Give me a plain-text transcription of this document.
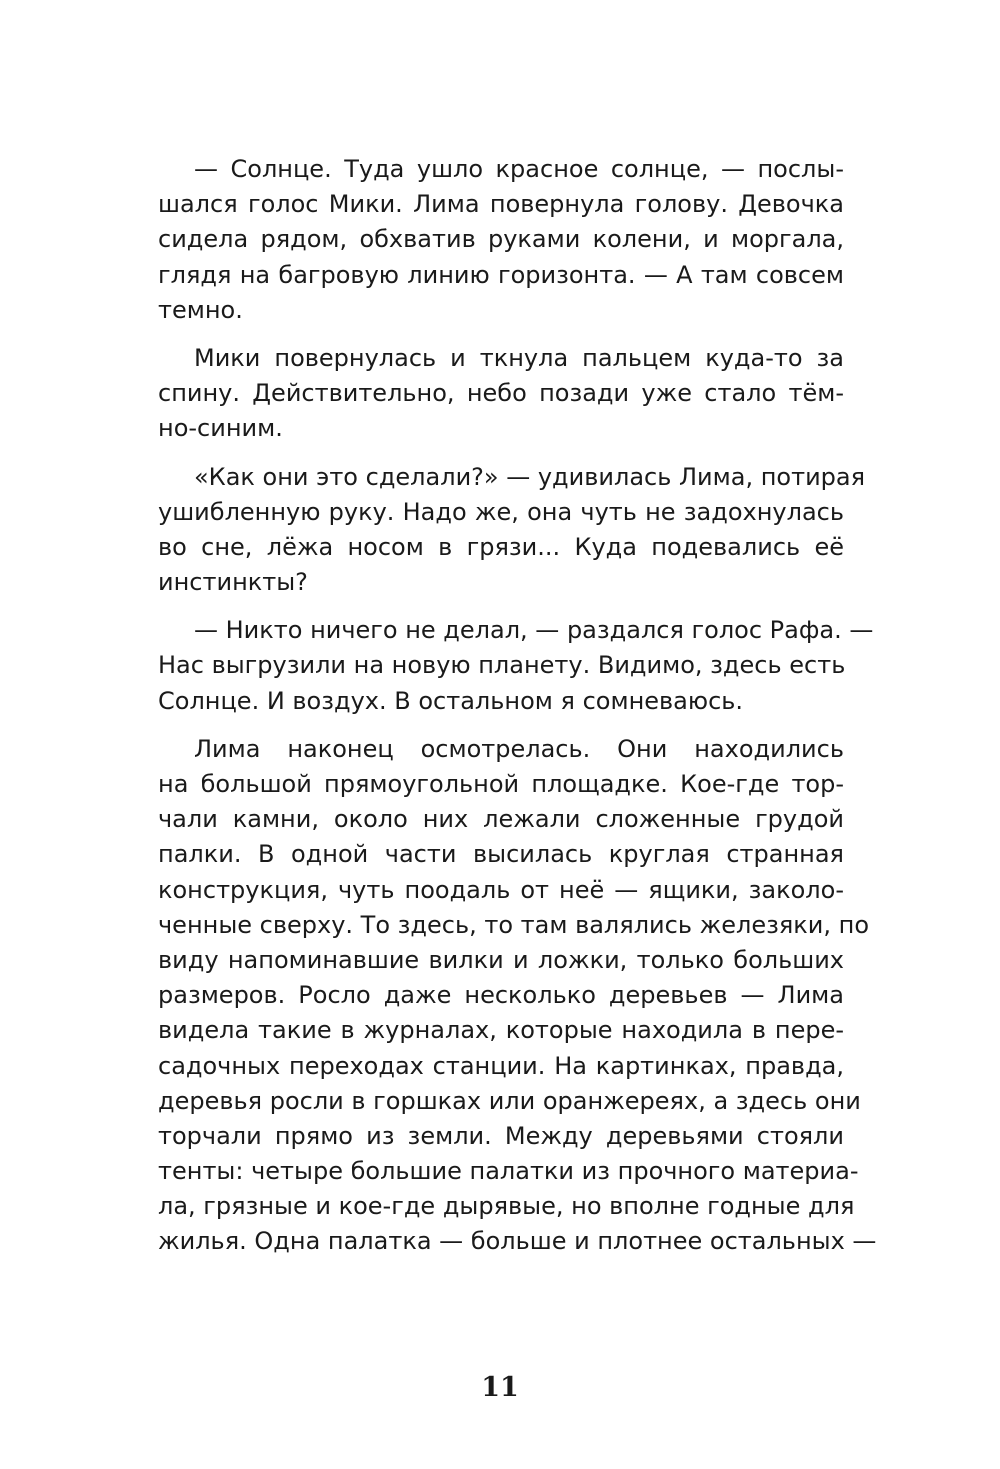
— Солнце. Туда ушло красное солнце, — послы-
шался голос Мики. Лима повернула голову. Девочка
сидела рядом, обхватив руками колени, и моргала,
глядя на багровую линию горизонта. — А там совсем
темно.
Мики повернулась и ткнула пальцем куда-то за
спину. Действительно, небо позади уже стало тём-
но-синим.
«Как они это сделали?» — удивилась Лима, потирая
ушибленную руку. Надо же, она чуть не задохнулась
во сне, лёжа носом в грязи... Куда подевались её
инстинкты?
— Никто ничего не делал, — раздался голос Рафа. —
Нас выгрузили на новую планету. Видимо, здесь есть
Солнце. И воздух. В остальном я сомневаюсь.
Лима наконец осмотрелась. Они находились
на большой прямоугольной площадке. Кое-где тор-
чали камни, около них лежали сложенные грудой
палки. В одной части высилась круглая странная
конструкция, чуть поодаль от неё — ящики, заколо-
ченные сверху. То здесь, то там валялись железяки, по
виду напоминавшие вилки и ложки, только больших
размеров. Росло даже несколько деревьев — Лима
видела такие в журналах, которые находила в пере-
садочных переходах станции. На картинках, правда,
деревья росли в горшках или оранжереях, а здесь они
торчали прямо из земли. Между деревьями стояли
тенты: четыре большие палатки из прочного материа-
ла, грязные и кое-где дырявые, но вполне годные для
жилья. Одна палатка — больше и плотнее остальных —
11
